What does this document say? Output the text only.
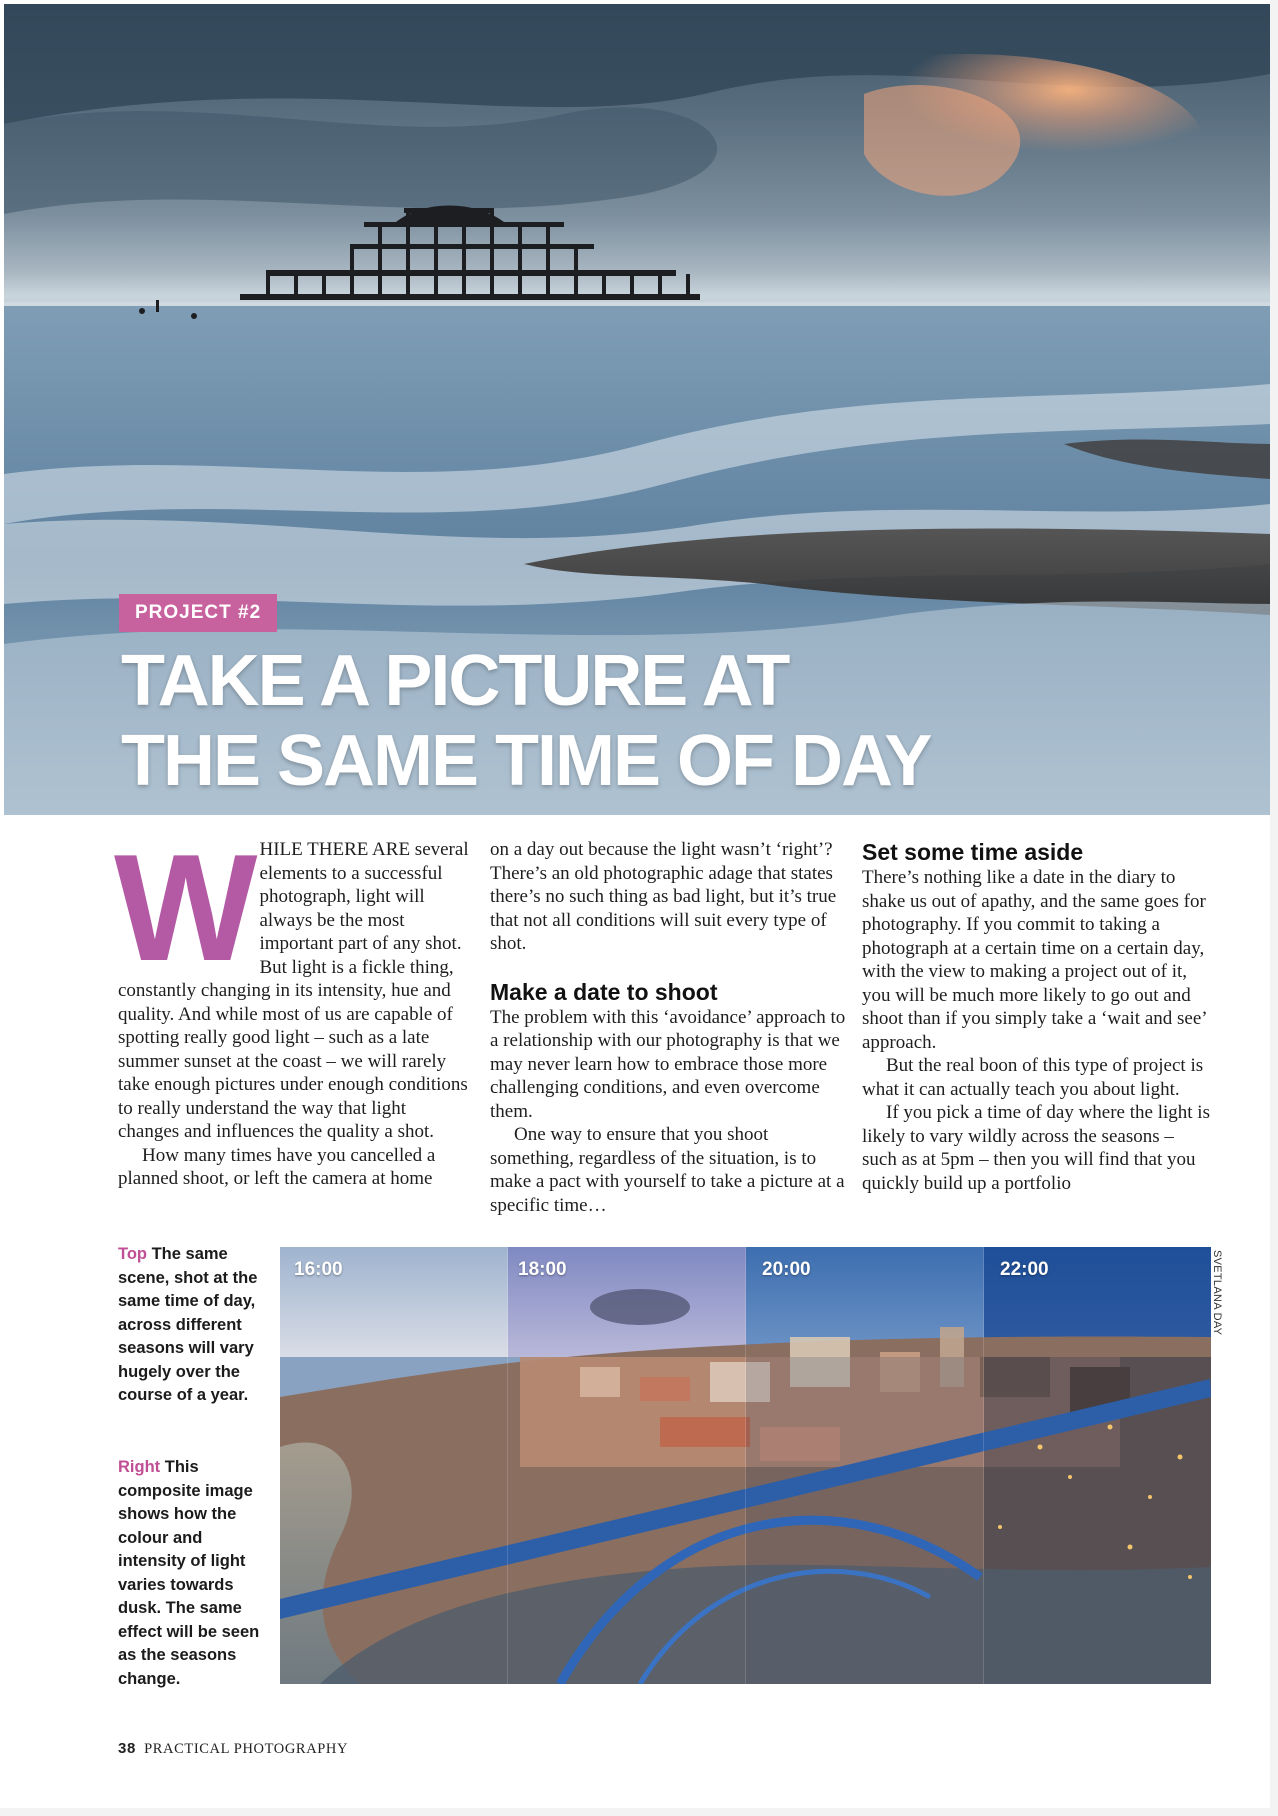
PROJECT #2
TAKE A PICTURE AT
THE SAME TIME OF DAY

WHILE THERE ARE several elements to a successful photograph, light will always be the most important part of any shot. But light is a fickle thing, constantly changing in its intensity, hue and quality. And while most of us are capable of spotting really good light – such as a late summer sunset at the coast – we will rarely take enough pictures under enough conditions to really understand the way that light changes and influences the quality a shot.

How many times have you cancelled a planned shoot, or left the camera at home

on a day out because the light wasn’t ‘right’? There’s an old photographic adage that states there’s no such thing as bad light, but it’s true that not all conditions will suit every type of shot.

Make a date to shoot

The problem with this ‘avoidance’ approach to a relationship with our photography is that we may never learn how to embrace those more challenging conditions, and even overcome them.

One way to ensure that you shoot something, regardless of the situation, is to make a pact with yourself to take a picture at a specific time…

Set some time aside

There’s nothing like a date in the diary to shake us out of apathy, and the same goes for photography. If you commit to taking a photograph at a certain time on a certain day, with the view to making a project out of it, you will be much more likely to go out and shoot than if you simply take a ‘wait and see’ approach.

But the real boon of this type of project is what it can actually teach you about light.

If you pick a time of day where the light is likely to vary wildly across the seasons – such as at 5pm – then you will find that you quickly build up a portfolio

Top The same scene, shot at the same time of day, across different seasons will vary hugely over the course of a year.

Right This composite image shows how the colour and intensity of light varies towards dusk. The same effect will be seen as the seasons change.

16:00	18:00	20:00	22:00	SVETLANA DAY
38 PRACTICAL PHOTOGRAPHY
